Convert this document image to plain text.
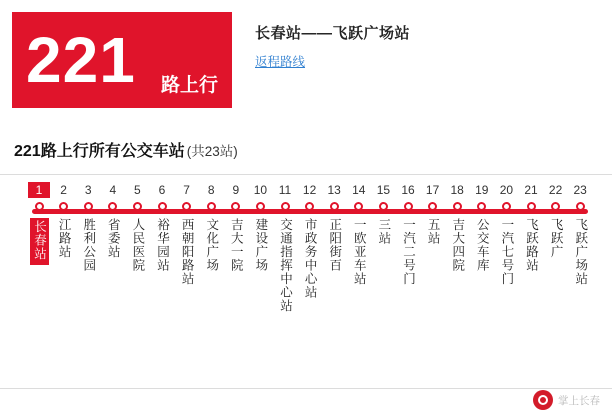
221 路上行
长春站——飞跃广场站
返程路线
221路上行所有公交车站 (共23站)
1
长春站
2
江路站
3
胜利公园
4
省委站
5
人民医院
6
裕华园站
7
西朝阳路站
8
文化广场
9
吉大一院
10
建设广场
11
交通指挥中心站
12
市政务中心站
13
正阳街百
14
一欧亚车站
15
三站
16
一汽二号门
17
五站
18
吉大四院
19
公交车库
20
一汽七号门
21
飞跃路站
22
飞跃广
23
飞跃广场站
掌上长春
